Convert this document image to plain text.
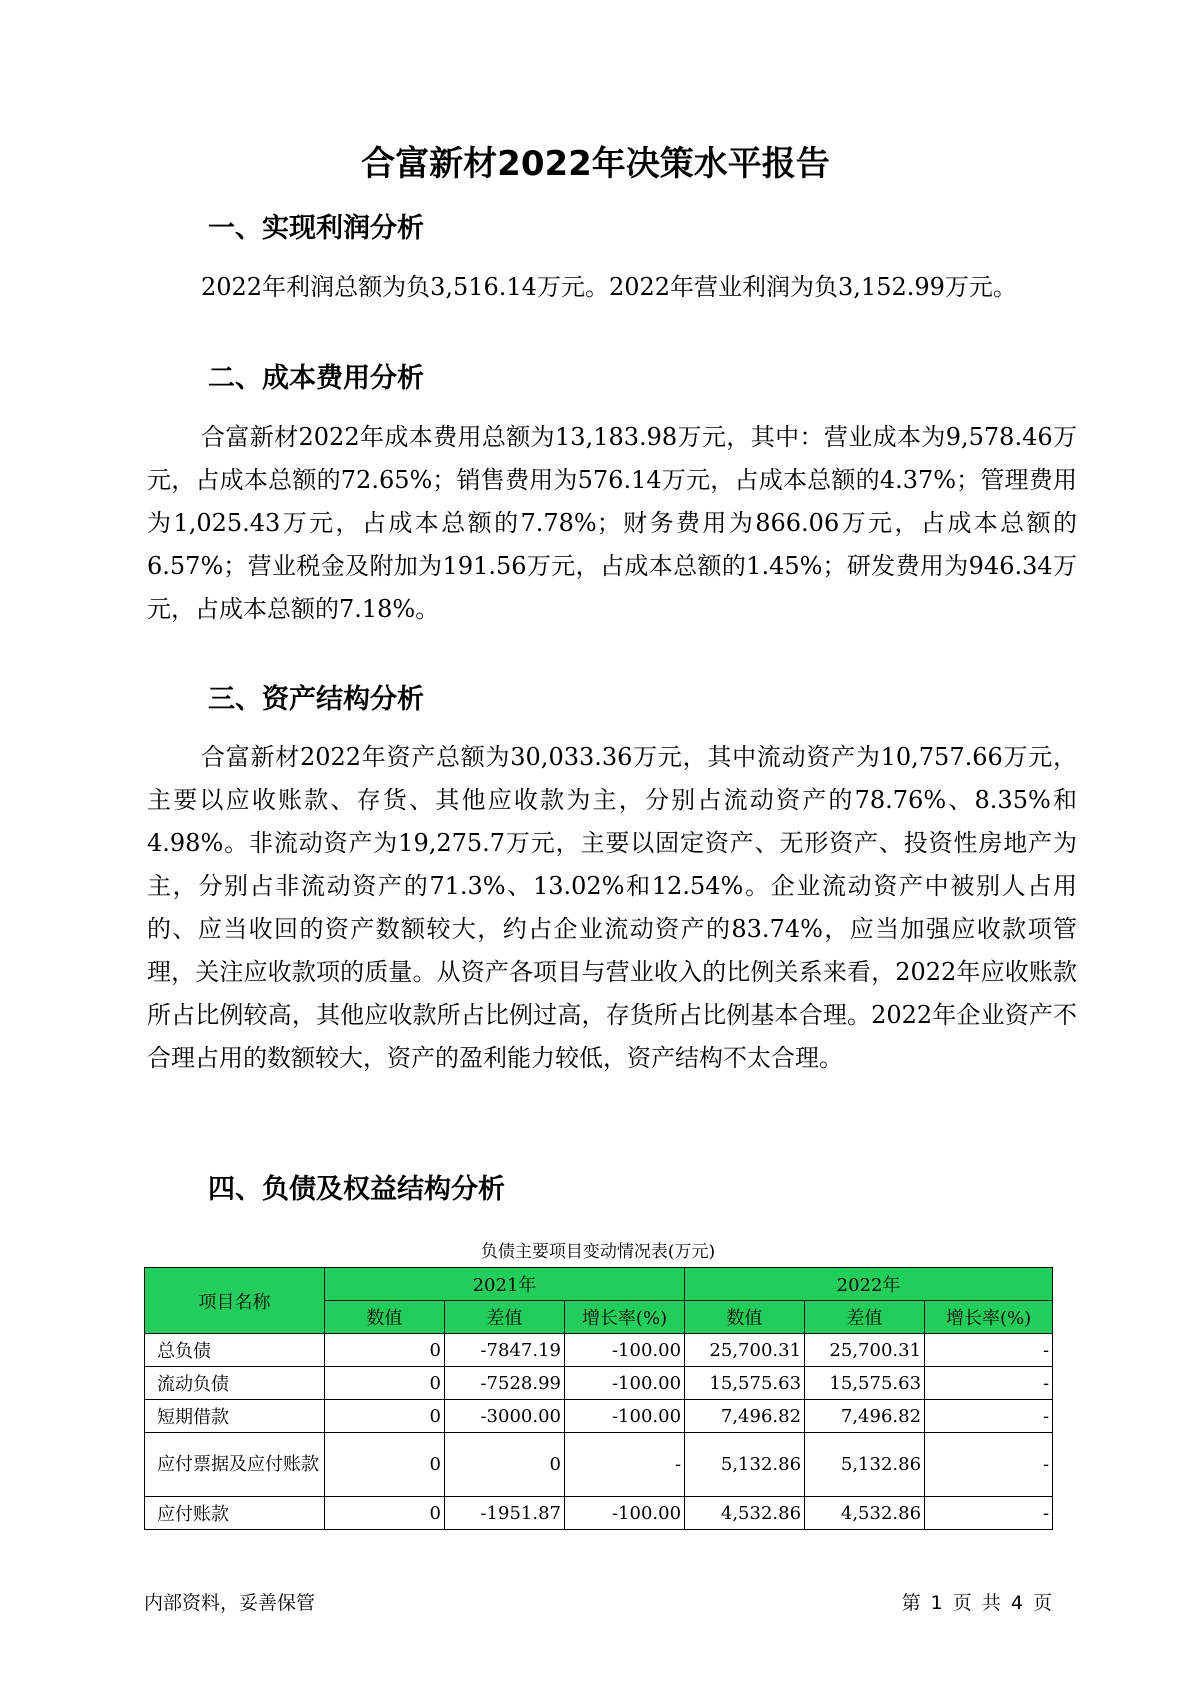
合富新材2022年决策水平报告
一、实现利润分析

2022年利润总额为负3,516.14万元。2022年营业利润为负3,152.99万元。

二、成本费用分析

合富新材2022年成本费用总额为13,183.98万元，其中：营业成本为9,578.46万元，占成本总额的72.65%；销售费用为576.14万元，占成本总额的4.37%；管理费用为1,025.43万元，占成本总额的7.78%；财务费用为866.06万元，占成本总额的6.57%；营业税金及附加为191.56万元，占成本总额的1.45%；研发费用为946.34万元，占成本总额的7.18%。

三、资产结构分析

合富新材2022年资产总额为30,033.36万元，其中流动资产为10,757.66万元，主要以应收账款、存货、其他应收款为主，分别占流动资产的78.76%、8.35%和4.98%。非流动资产为19,275.7万元，主要以固定资产、无形资产、投资性房地产为主，分别占非流动资产的71.3%、13.02%和12.54%。企业流动资产中被别人占用的、应当收回的资产数额较大，约占企业流动资产的83.74%，应当加强应收款项管理，关注应收款项的质量。从资产各项目与营业收入的比例关系来看，2022年应收账款所占比例较高，其他应收款所占比例过高，存货所占比例基本合理。2022年企业资产不合理占用的数额较大，资产的盈利能力较低，资产结构不太合理。

四、负债及权益结构分析
负债主要项目变动情况表(万元)
项目名称	2021年			2022年		
	数值	差值	增长率(%)	数值	差值	增长率(%)
总负债	0	-7847.19	-100.00	25,700.31	25,700.31	-
流动负债	0	-7528.99	-100.00	15,575.63	15,575.63	-
短期借款	0	-3000.00	-100.00	7,496.82	7,496.82	-
应付票据及应付账款	0	0	-	5,132.86	5,132.86	-
应付账款	0	-1951.87	-100.00	4,532.86	4,532.86	-
内部资料，妥善保管	第 1 页 共 4 页
